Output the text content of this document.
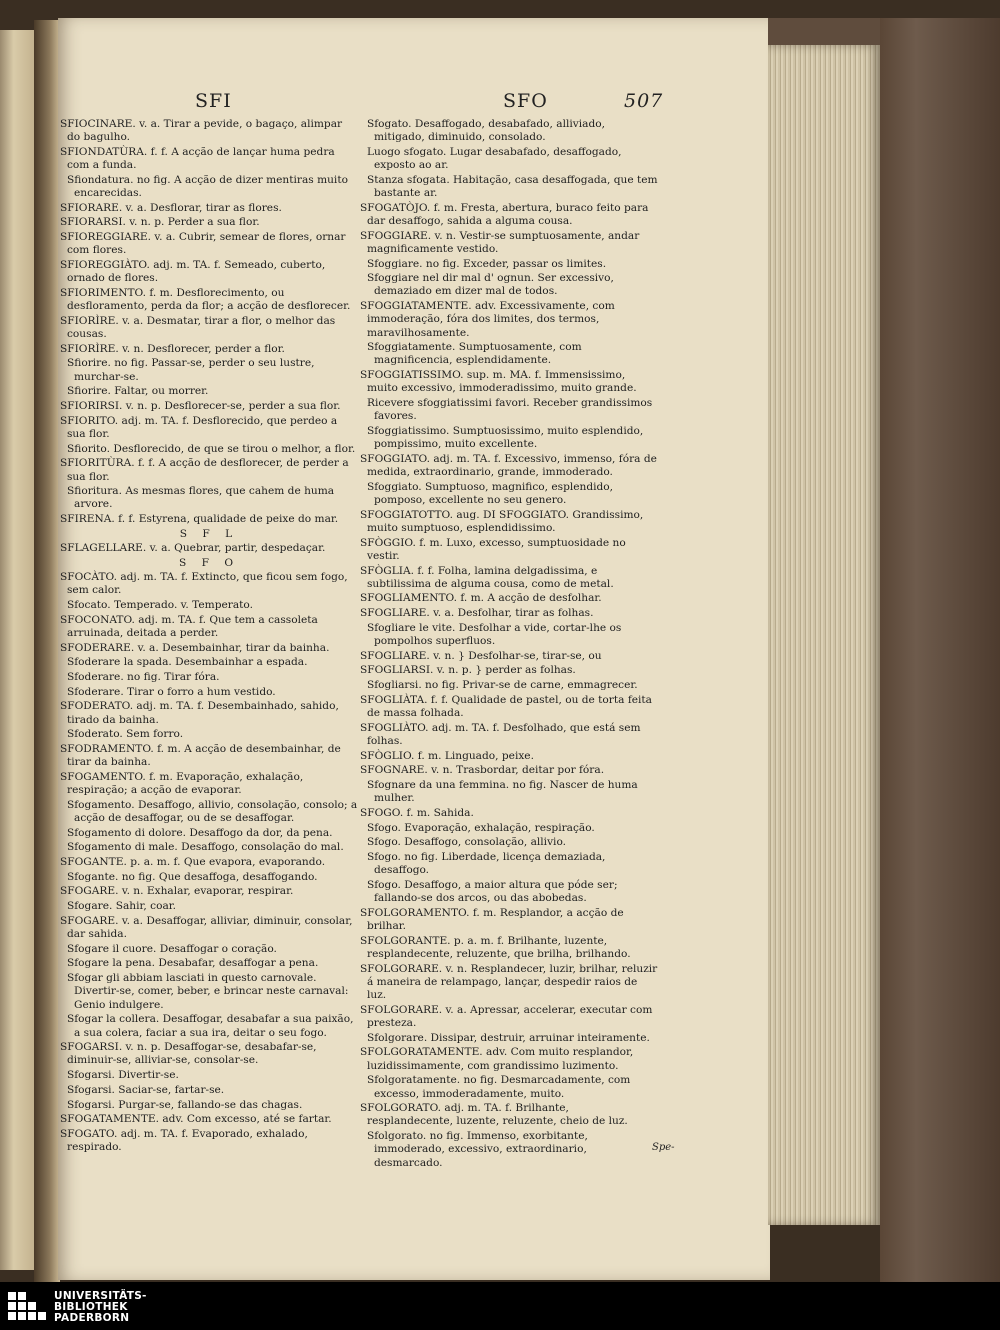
SFI	SFO	507

SFIOCINARE. v. a. Tirar a pevide, o bagaço, alimpar do bagulho.

SFIONDATÙRA. f. f. A acção de lançar huma pedra com a funda.

Sfiondatura. no fig. A acção de dizer mentiras muito encarecidas.

SFIORARE. v. a. Desflorar, tirar as flores.

SFIORARSI. v. n. p. Perder a sua flor.

SFIOREGGIARE. v. a. Cubrir, semear de flores, ornar com flores.

SFIOREGGIÀTO. adj. m. TA. f. Semeado, cuberto, ornado de flores.

SFIORIMENTO. f. m. Desflorecimento, ou desfloramento, perda da flor; a acção de desflorecer.

SFIORÌRE. v. a. Desmatar, tirar a flor, o melhor das cousas.

SFIORÌRE. v. n. Desflorecer, perder a flor.

Sfiorire. no fig. Passar-se, perder o seu lustre, murchar-se.

Sfiorire. Faltar, ou morrer.

SFIORIRSI. v. n. p. Desflorecer-se, perder a sua flor.

SFIORITO. adj. m. TA. f. Desflorecido, que perdeo a sua flor.

Sfiorito. Desflorecido, de que se tirou o melhor, a flor.

SFIORITÙRA. f. f. A acção de desflorecer, de perder a sua flor.

Sfioritura. As mesmas flores, que cahem de huma arvore.

SFIRENA. f. f. Estyrena, qualidade de peixe do mar.

S F L

SFLAGELLARE. v. a. Quebrar, partir, despedaçar.

S F O

SFOCÀTO. adj. m. TA. f. Extincto, que ficou sem fogo, sem calor.

Sfocato. Temperado. v. Temperato.

SFOCONATO. adj. m. TA. f. Que tem a cassoleta arruinada, deitada a perder.

SFODERARE. v. a. Desembainhar, tirar da bainha.

Sfoderare la spada. Desembainhar a espada.

Sfoderare. no fig. Tirar fóra.

Sfoderare. Tirar o forro a hum vestido.

SFODERATO. adj. m. TA. f. Desembainhado, sahido, tirado da bainha.

Sfoderato. Sem forro.

SFODRAMENTO. f. m. A acção de desembainhar, de tirar da bainha.

SFOGAMENTO. f. m. Evaporação, exhalação, respiração; a acção de evaporar.

Sfogamento. Desaffogo, allivio, consolação, consolo; a acção de desaffogar, ou de se desaffogar.

Sfogamento di dolore. Desaffogo da dor, da pena.

Sfogamento di male. Desaffogo, consolação do mal.

SFOGANTE. p. a. m. f. Que evapora, evaporando.

Sfogante. no fig. Que desaffoga, desaffogando.

SFOGARE. v. n. Exhalar, evaporar, respirar.

Sfogare. Sahir, coar.

SFOGARE. v. a. Desaffogar, alliviar, diminuir, consolar, dar sahida.

Sfogare il cuore. Desaffogar o coração.

Sfogare la pena. Desabafar, desaffogar a pena.

Sfogar gli abbiam lasciati in questo carnovale. Divertir-se, comer, beber, e brincar neste carnaval: Genio indulgere.

Sfogar la collera. Desaffogar, desabafar a sua paixão, a sua colera, faciar a sua ira, deitar o seu fogo.

SFOGARSI. v. n. p. Desaffogar-se, desabafar-se, diminuir-se, alliviar-se, consolar-se.

Sfogarsi. Divertir-se.

Sfogarsi. Saciar-se, fartar-se.

Sfogarsi. Purgar-se, fallando-se das chagas.

SFOGATAMENTE. adv. Com excesso, até se fartar.

SFOGATO. adj. m. TA. f. Evaporado, exhalado, respirado.

Sfogato. Desaffogado, desabafado, alliviado, mitigado, diminuido, consolado.

Luogo sfogato. Lugar desabafado, desaffogado, exposto ao ar.

Stanza sfogata. Habitação, casa desaffogada, que tem bastante ar.

SFOGATÒJO. f. m. Fresta, abertura, buraco feito para dar desaffogo, sahida a alguma cousa.

SFOGGIARE. v. n. Vestir-se sumptuosamente, andar magnificamente vestido.

Sfoggiare. no fig. Exceder, passar os limites.

Sfoggiare nel dir mal d' ognun. Ser excessivo, demaziado em dizer mal de todos.

SFOGGIATAMENTE. adv. Excessivamente, com immoderação, fóra dos limites, dos termos, maravilhosamente.

Sfoggiatamente. Sumptuosamente, com magnificencia, esplendidamente.

SFOGGIATISSIMO. sup. m. MA. f. Immensissimo, muito excessivo, immoderadissimo, muito grande.

Ricevere sfoggiatissimi favori. Receber grandissimos favores.

Sfoggiatissimo. Sumptuosissimo, muito esplendido, pompissimo, muito excellente.

SFOGGIATO. adj. m. TA. f. Excessivo, immenso, fóra de medida, extraordinario, grande, immoderado.

Sfoggiato. Sumptuoso, magnifico, esplendido, pomposo, excellente no seu genero.

SFOGGIATOTTO. aug. DI SFOGGIATO. Grandissimo, muito sumptuoso, esplendidissimo.

SFÒGGIO. f. m. Luxo, excesso, sumptuosidade no vestir.

SFÒGLIA. f. f. Folha, lamina delgadissima, e subtilissima de alguma cousa, como de metal.

SFOGLIAMENTO. f. m. A acção de desfolhar.

SFOGLIARE. v. a. Desfolhar, tirar as folhas.

Sfogliare le vite. Desfolhar a vide, cortar-lhe os pompolhos superfluos.

SFOGLIARE. v. n. } Desfolhar-se, tirar-se, ou

SFOGLIARSI. v. n. p. } perder as folhas.

Sfogliarsi. no fig. Privar-se de carne, emmagrecer.

SFOGLIÀTA. f. f. Qualidade de pastel, ou de torta feita de massa folhada.

SFOGLIÀTO. adj. m. TA. f. Desfolhado, que está sem folhas.

SFÒGLIO. f. m. Linguado, peixe.

SFOGNARE. v. n. Trasbordar, deitar por fóra.

Sfognare da una femmina. no fig. Nascer de huma mulher.

SFOGO. f. m. Sahida.

Sfogo. Evaporação, exhalação, respiração.

Sfogo. Desaffogo, consolação, allivio.

Sfogo. no fig. Liberdade, licença demaziada, desaffogo.

Sfogo. Desaffogo, a maior altura que póde ser; fallando-se dos arcos, ou das abobedas.

SFOLGORAMENTO. f. m. Resplandor, a acção de brilhar.

SFOLGORANTE. p. a. m. f. Brilhante, luzente, resplandecente, reluzente, que brilha, brilhando.

SFOLGORARE. v. n. Resplandecer, luzir, brilhar, reluzir á maneira de relampago, lançar, despedir raios de luz.

SFOLGORARE. v. a. Apressar, accelerar, executar com presteza.

Sfolgorare. Dissipar, destruir, arruinar inteiramente.

SFOLGORATAMENTE. adv. Com muito resplandor, luzidissimamente, com grandissimo luzimento.

Sfolgoratamente. no fig. Desmarcadamente, com excesso, immoderadamente, muito.

SFOLGORATO. adj. m. TA. f. Brilhante, resplandecente, luzente, reluzente, cheio de luz.

Sfolgorato. no fig. Immenso, exorbitante, immoderado, excessivo, extraordinario, desmarcado.

Spe-
UNIVERSITÄTS-
BIBLIOTHEK
PADERBORN
